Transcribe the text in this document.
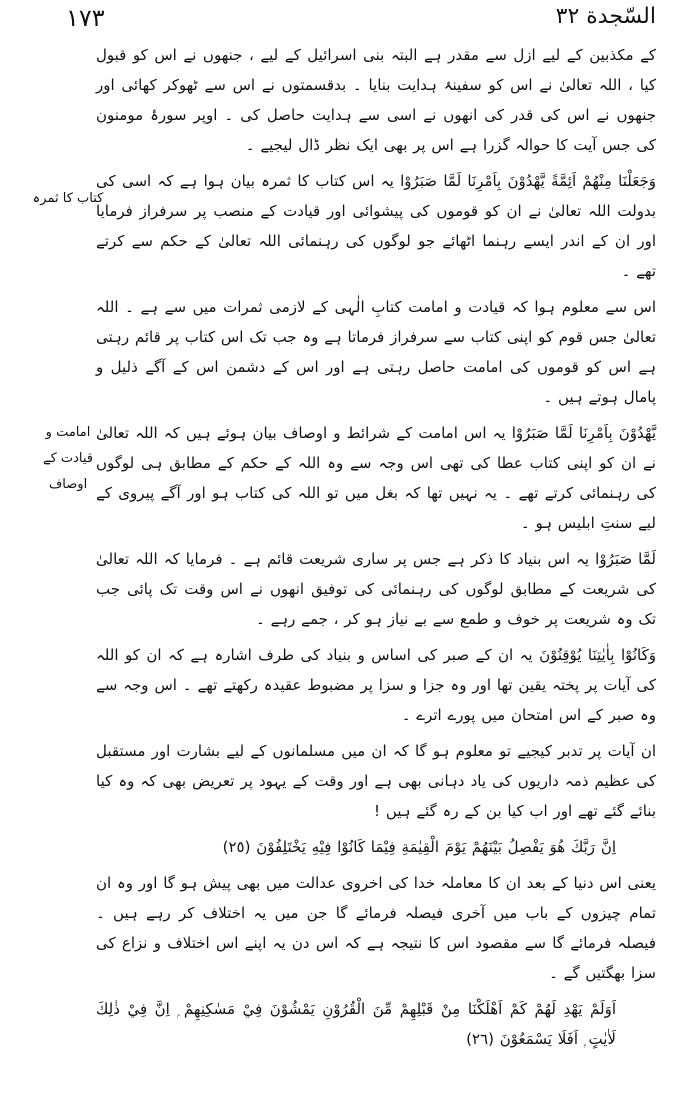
١٧٣	السّجدة ٣٢
کتاب کا ثمرہ
امامت و قیادت کے اوصاف

کے مکذبین کے لیے ازل سے مقدر ہے البتہ بنی اسرائیل کے لیے ، جنھوں نے اس کو قبول کیا ، اللہ تعالیٰ نے اس کو سفینۂ ہدایت بنایا ۔ بدقسمتوں نے اس سے ٹھوکر کھائی اور جنھوں نے اس کی قدر کی انھوں نے اسی سے ہدایت حاصل کی ۔ اوپر سورۂ مومنون کی جس آیت کا حوالہ گزرا ہے اس پر بھی ایک نظر ڈال لیجیے ۔

وَجَعَلْنَا مِنْهُمْ اَئِمَّةً یَّهْدُوْنَ بِاَمْرِنَا لَمَّا صَبَرُوْا یہ اس کتاب کا ثمرہ بیان ہوا ہے کہ اسی کی بدولت اللہ تعالیٰ نے ان کو قوموں کی پیشوائی اور قیادت کے منصب پر سرفراز فرمایا اور ان کے اندر ایسے رہنما اٹھائے جو لوگوں کی رہنمائی اللہ تعالیٰ کے حکم سے کرتے تھے ۔

اس سے معلوم ہوا کہ قیادت و امامت کتابِ الٰہی کے لازمی ثمرات میں سے ہے ۔ اللہ تعالیٰ جس قوم کو اپنی کتاب سے سرفراز فرماتا ہے وہ جب تک اس کتاب پر قائم رہتی ہے اس کو قوموں کی امامت حاصل رہتی ہے اور اس کے دشمن اس کے آگے ذلیل و پامال ہوتے ہیں ۔

یَّهْدُوْنَ بِاَمْرِنَا لَمَّا صَبَرُوْا یہ اس امامت کے شرائط و اوصاف بیان ہوئے ہیں کہ اللہ تعالیٰ نے ان کو اپنی کتاب عطا کی تھی اس وجہ سے وہ اللہ کے حکم کے مطابق ہی لوگوں کی رہنمائی کرتے تھے ۔ یہ نہیں تھا کہ بغل میں تو اللہ کی کتاب ہو اور آگے پیروی کے لیے سنتِ ابلیس ہو ۔

لَمَّا صَبَرُوْا یہ اس بنیاد کا ذکر ہے جس پر ساری شریعت قائم ہے ۔ فرمایا کہ اللہ تعالیٰ کی شریعت کے مطابق لوگوں کی رہنمائی کی توفیق انھوں نے اس وقت تک پائی جب تک وہ شریعت پر خوف و طمع سے بے نیاز ہو کر ، جمے رہے ۔

وَكَانُوْا بِاٰيٰتِنَا يُوْقِنُوْنَ یہ ان کے صبر کی اساس و بنیاد کی طرف اشارہ ہے کہ ان کو اللہ کی آیات پر پختہ یقین تھا اور وہ جزا و سزا پر مضبوط عقیدہ رکھتے تھے ۔ اس وجہ سے وہ صبر کے اس امتحان میں پورے اترے ۔

ان آیات پر تدبر کیجیے تو معلوم ہو گا کہ ان میں مسلمانوں کے لیے بشارت اور مستقبل کی عظیم ذمہ داریوں کی یاد دہانی بھی ہے اور وقت کے یہود پر تعریض بھی کہ وہ کیا بنائے گئے تھے اور اب کیا بن کے رہ گئے ہیں !

اِنَّ رَبَّكَ هُوَ يَفْصِلُ بَيْنَهُمْ يَوْمَ الْقِيٰمَةِ فِيْمَا كَانُوْا فِيْهِ يَخْتَلِفُوْنَ (٢٥)

یعنی اس دنیا کے بعد ان کا معاملہ خدا کی اخروی عدالت میں بھی پیش ہو گا اور وہ ان تمام چیزوں کے باب میں آخری فیصلہ فرمائے گا جن میں یہ اختلاف کر رہے ہیں ۔ فیصلہ فرمائے گا سے مقصود اس کا نتیجہ ہے کہ اس دن یہ اپنے اس اختلاف و نزاع کی سزا بھگتیں گے ۔

اَوَلَمْ يَهْدِ لَهُمْ كَمْ اَهْلَكْنَا مِنْ قَبْلِهِمْ مِّنَ الْقُرُوْنِ يَمْشُوْنَ فِيْ مَسٰكِنِهِمْ ۭ اِنَّ فِيْ ذٰلِكَ لَاٰيٰتٍ ۭ اَفَلَا يَسْمَعُوْنَ (٢٦)
